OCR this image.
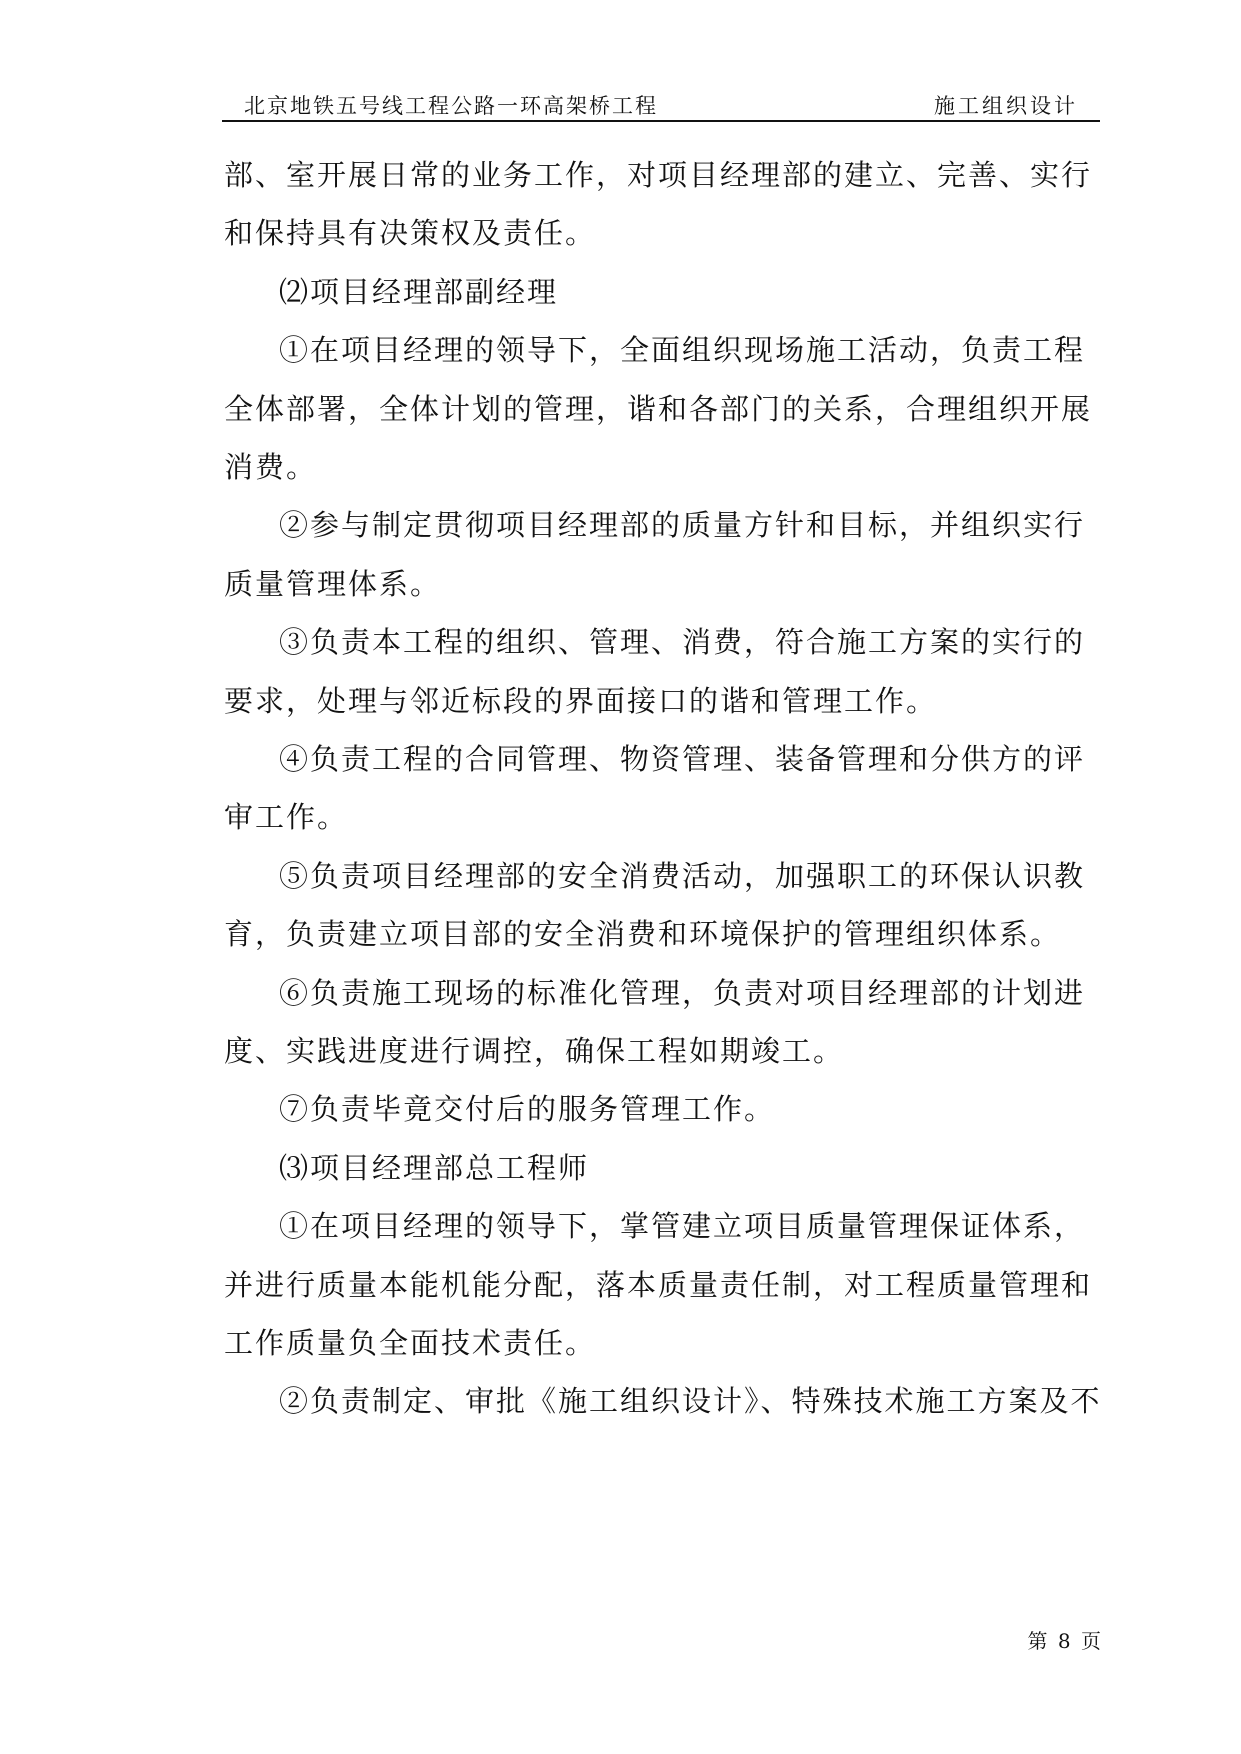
北京地铁五号线工程公路一环高架桥工程	施工组织设计
部、室开展日常的业务工作，对项目经理部的建立、完善、实行
和保持具有决策权及责任。
⑵项目经理部副经理
①在项目经理的领导下，全面组织现场施工活动，负责工程
全体部署，全体计划的管理，谐和各部门的关系，合理组织开展
消费。
②参与制定贯彻项目经理部的质量方针和目标，并组织实行
质量管理体系。
③负责本工程的组织、管理、消费，符合施工方案的实行的
要求，处理与邻近标段的界面接口的谐和管理工作。
④负责工程的合同管理、物资管理、装备管理和分供方的评
审工作。
⑤负责项目经理部的安全消费活动，加强职工的环保认识教
育，负责建立项目部的安全消费和环境保护的管理组织体系。
⑥负责施工现场的标准化管理，负责对项目经理部的计划进
度、实践进度进行调控，确保工程如期竣工。
⑦负责毕竟交付后的服务管理工作。
⑶项目经理部总工程师
①在项目经理的领导下，掌管建立项目质量管理保证体系，
并进行质量本能机能分配，落本质量责任制，对工程质量管理和
工作质量负全面技术责任。
②负责制定、审批《施工组织设计》、特殊技术施工方案及不
第 8 页
